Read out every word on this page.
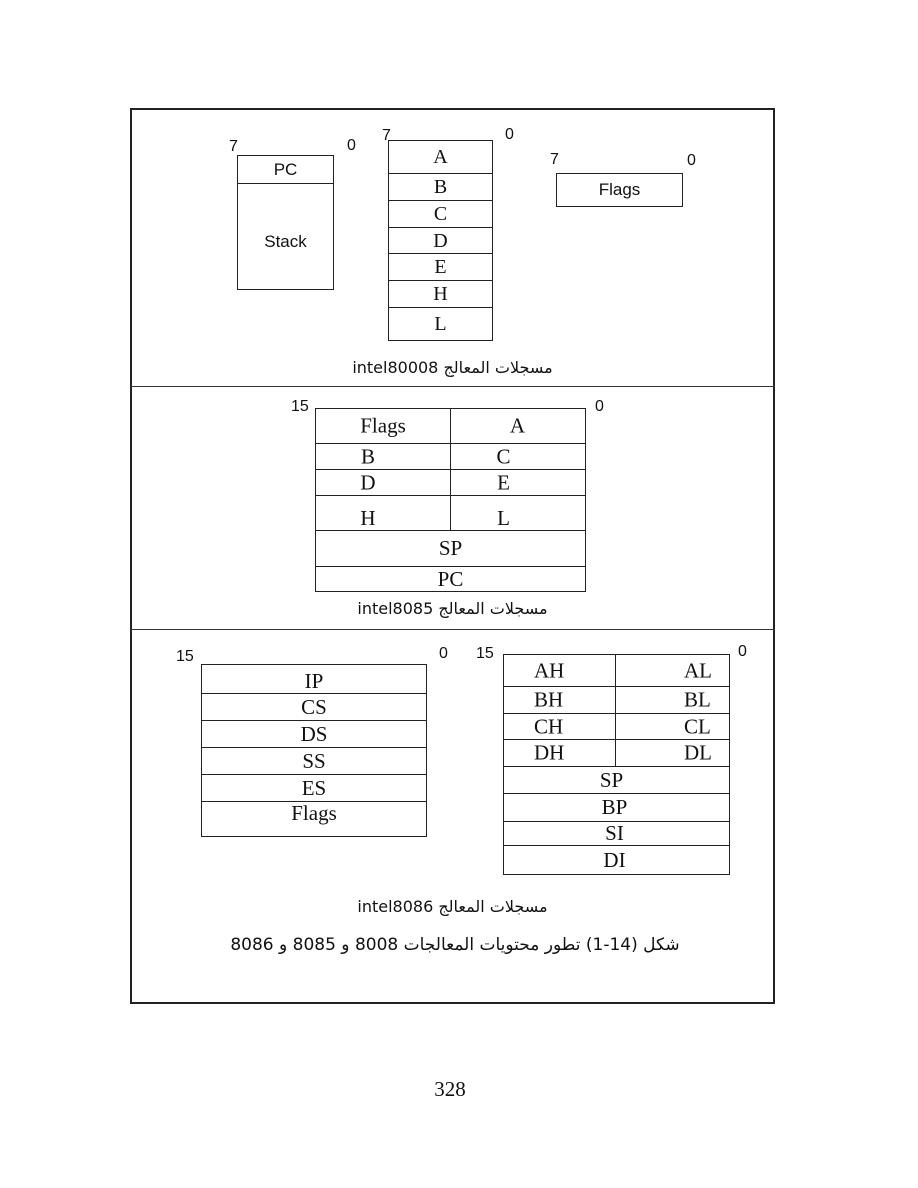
7	0
PC
Stack
7	0
A
B
C
D
E
H
L
7	0
Flags
مسجلات المعالج intel80008
15	0
Flags	A
B	C
D	E
H	L
SP
PC
مسجلات المعالج intel8085
15	0
IP
CS
DS
SS
ES
Flags
15	0
AH	AL
BH	BL
CH	CL
DH	DL
SP
BP
SI
DI
مسجلات المعالج intel8086
شكل (14-1) تطور محتويات المعالجات 8008 و 8085 و 8086
328
